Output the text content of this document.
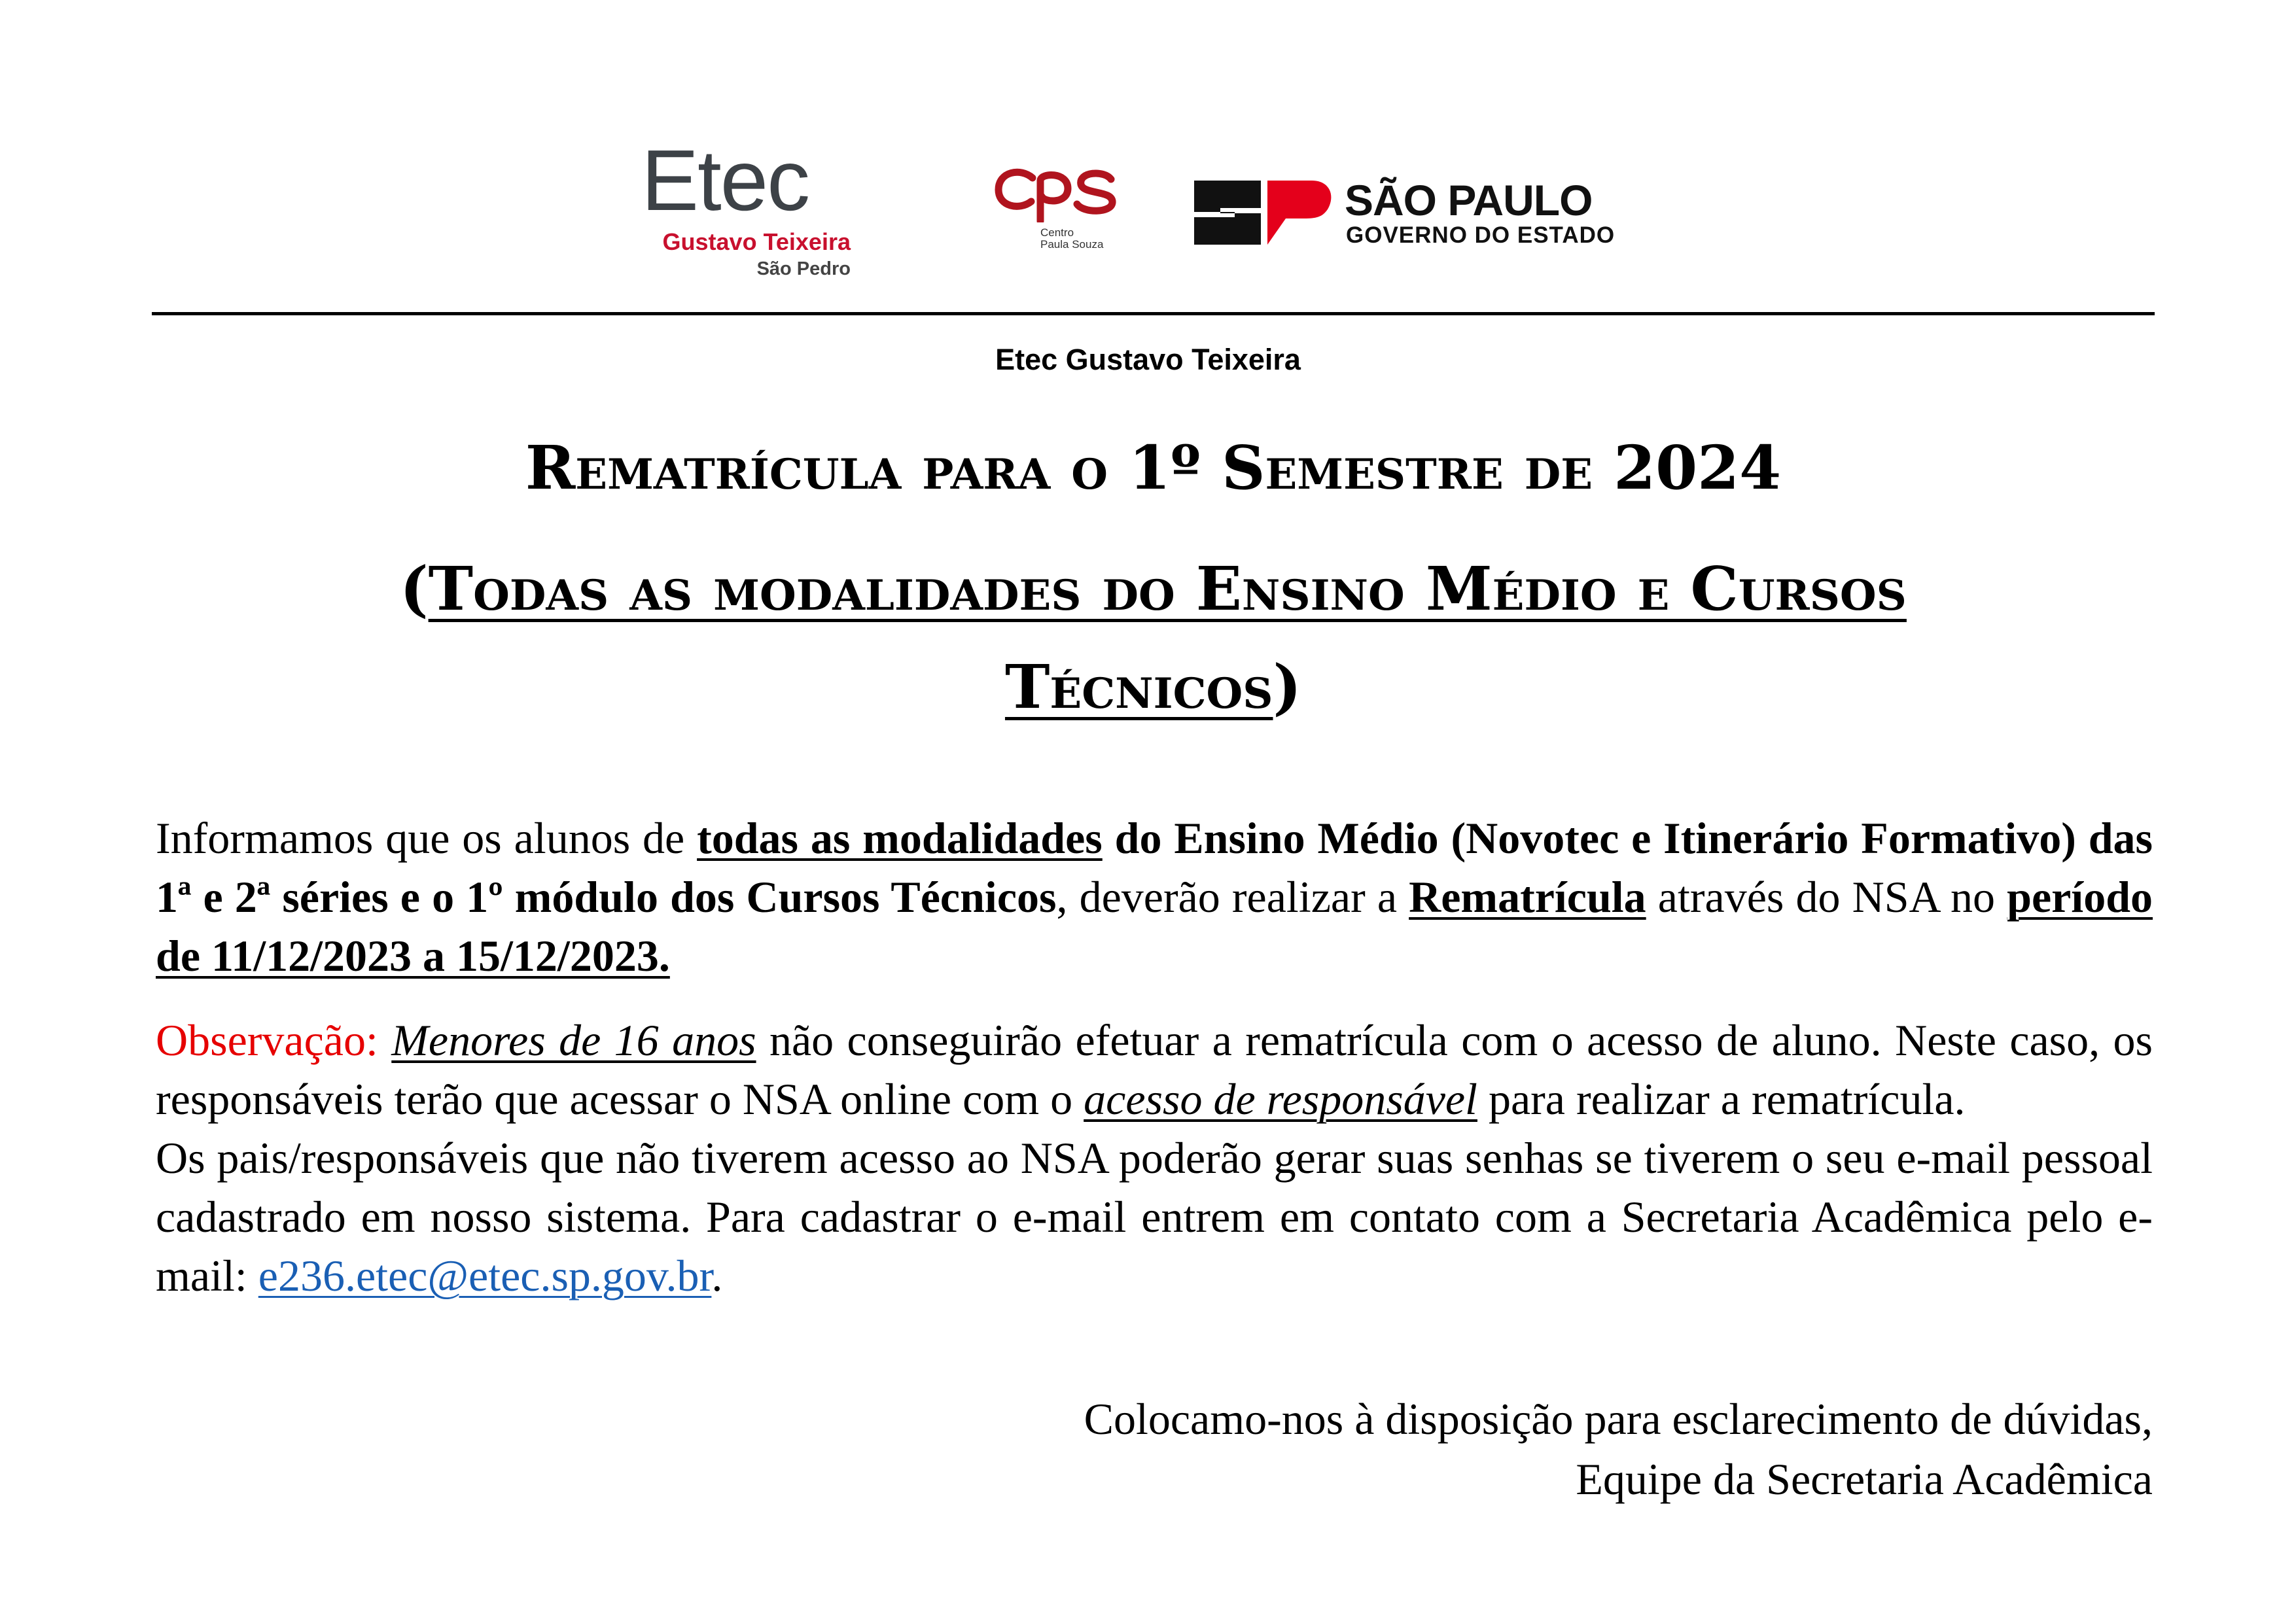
Etec
Gustavo Teixeira
São Pedro
Centro
Paula Souza
SÃO PAULO
GOVERNO DO ESTADO
Etec Gustavo Teixeira
Rematrícula para o 1º Semestre de 2024
(Todas as modalidades do Ensino Médio e Cursos
Técnicos)
Informamos que os alunos de todas as modalidades do Ensino Médio (Novotec e Itinerário Formativo) das 1ª e 2ª séries e o 1º módulo dos Cursos Técnicos, deverão realizar a Rematrícula através do NSA no período de 11/12/2023 a 15/12/2023.
Observação: Menores de 16 anos não conseguirão efetuar a rematrícula com o acesso de aluno. Neste caso, os responsáveis terão que acessar o NSA online com o acesso de responsável para realizar a rematrícula.
Os pais/responsáveis que não tiverem acesso ao NSA poderão gerar suas senhas se tiverem o seu e-mail pessoal cadastrado em nosso sistema. Para cadastrar o e-mail entrem em contato com a Secretaria Acadêmica pelo e-mail: e236.etec@etec.sp.gov.br.
Colocamo-nos à disposição para esclarecimento de dúvidas,
Equipe da Secretaria Acadêmica
